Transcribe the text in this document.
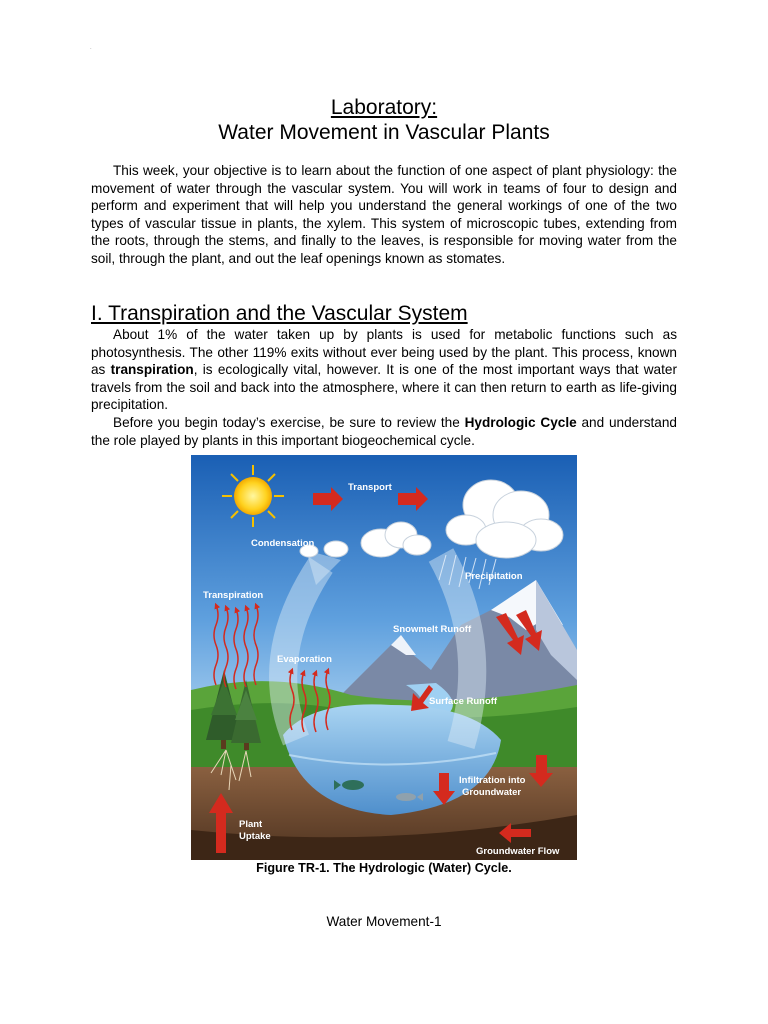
.
Laboratory:
Water Movement in Vascular Plants

This week, your objective is to learn about the function of one aspect of plant physiology: the movement of water through the vascular system. You will work in teams of four to design and perform and experiment that will help you understand the general workings of one of the two types of vascular tissue in plants, the xylem. This system of microscopic tubes, extending from the roots, through the stems, and finally to the leaves, is responsible for moving water from the soil, through the plant, and out the leaf openings known as stomates.

I. Transpiration and the Vascular System

About 1% of the water taken up by plants is used for metabolic functions such as photosynthesis. The other 119% exits without ever being used by the plant. This process, known as transpiration, is ecologically vital, however. It is one of the most important ways that water travels from the soil and back into the atmosphere, where it can then return to earth as life-giving precipitation.

Before you begin today’s exercise, be sure to review the Hydrologic Cycle and understand the role played by plants in this important biogeochemical cycle.

Transport
Condensation
Precipitation
Transpiration
Snowmelt Runoff
Evaporation
Surface Runoff
Infiltration into
Groundwater
Plant
Uptake
Groundwater Flow
Figure TR-1. The Hydrologic (Water) Cycle.
Water Movement-1
